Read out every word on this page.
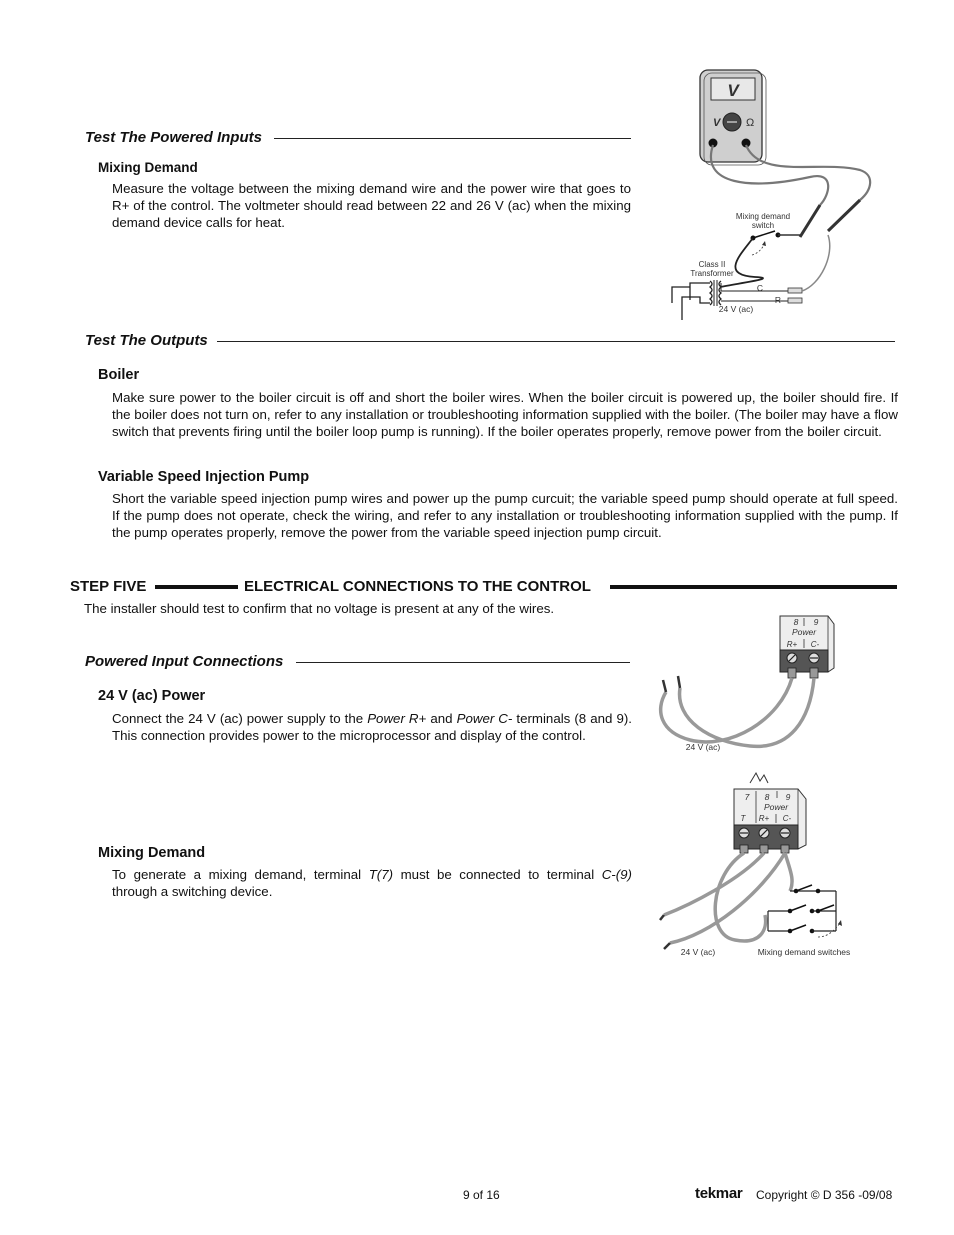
Test The Powered Inputs
Mixing Demand
Measure the voltage between the mixing demand wire and the power wire that goes to R+ of the control. The voltmeter should read between 22 and 26 V (ac) when the mixing demand device calls for heat.
V
V Ω
Mixing demand
switch
Class II
Transformer
C
R
24 V (ac)
Test The Outputs
Boiler
Make sure power to the boiler circuit is off and short the boiler wires. When the boiler circuit is powered up, the boiler should fire. If the boiler does not turn on, refer to any installation or troubleshooting information supplied with the boiler. (The boiler may have a flow switch that prevents firing until the boiler loop pump is running). If the boiler operates properly, remove power from the boiler circuit.
Variable Speed Injection Pump
Short the variable speed injection pump wires and power up the pump curcuit; the variable speed pump should operate at full speed. If the pump does not operate, check the wiring, and refer to any installation or troubleshooting information supplied with the pump. If the pump operates properly, remove the power from the variable speed injection pump circuit.
STEP FIVE	ELECTRICAL CONNECTIONS TO THE CONTROL
The installer should test to confirm that no voltage is present at any of the wires.
Powered Input Connections
24 V (ac) Power
Connect the 24 V (ac) power supply to the Power R+ and Power C- terminals (8 and 9). This connection provides power to the microprocessor and display of the control.
Mixing Demand
To generate a mixing demand, terminal T(7) must be connected to terminal C-(9) through a switching device.
8 9
Power
R+ C-
24 V (ac)
7 8 9
Power
T R+ C-
24 V (ac)	Mixing demand switches
9 of 16	tekmar Copyright © D 356 -09/08
